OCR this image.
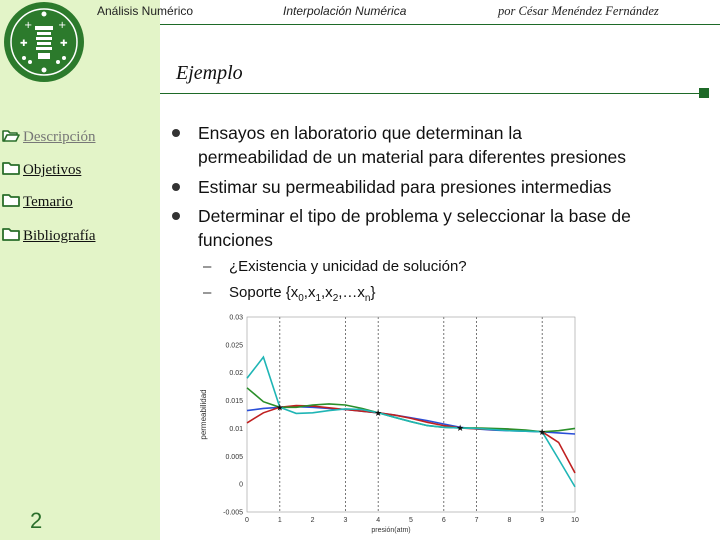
+	+
✚	✚
Análisis Numérico	Interpolación Numérica	por César Menéndez Fernández
Ejemplo
Descripción
Objetivos
Temario
Bibliografía
2
Ensayos en laboratorio que determinan la
permeabilidad de un material para diferentes presiones
Estimar su permeabilidad para presiones intermedias
Determinar el tipo de problema y seleccionar la base de
funciones
– ¿Existencia y unicidad de solución?
– Soporte $\{x_0,x_1,x_2,\dots x_n\}$
★
★
★	★
0	1	2	3	4	5	6	7	8	9	10
-0.005
0
0.005
0.01
0.015
0.02
0.025
0.03
presión(atm)
permeabilidad
